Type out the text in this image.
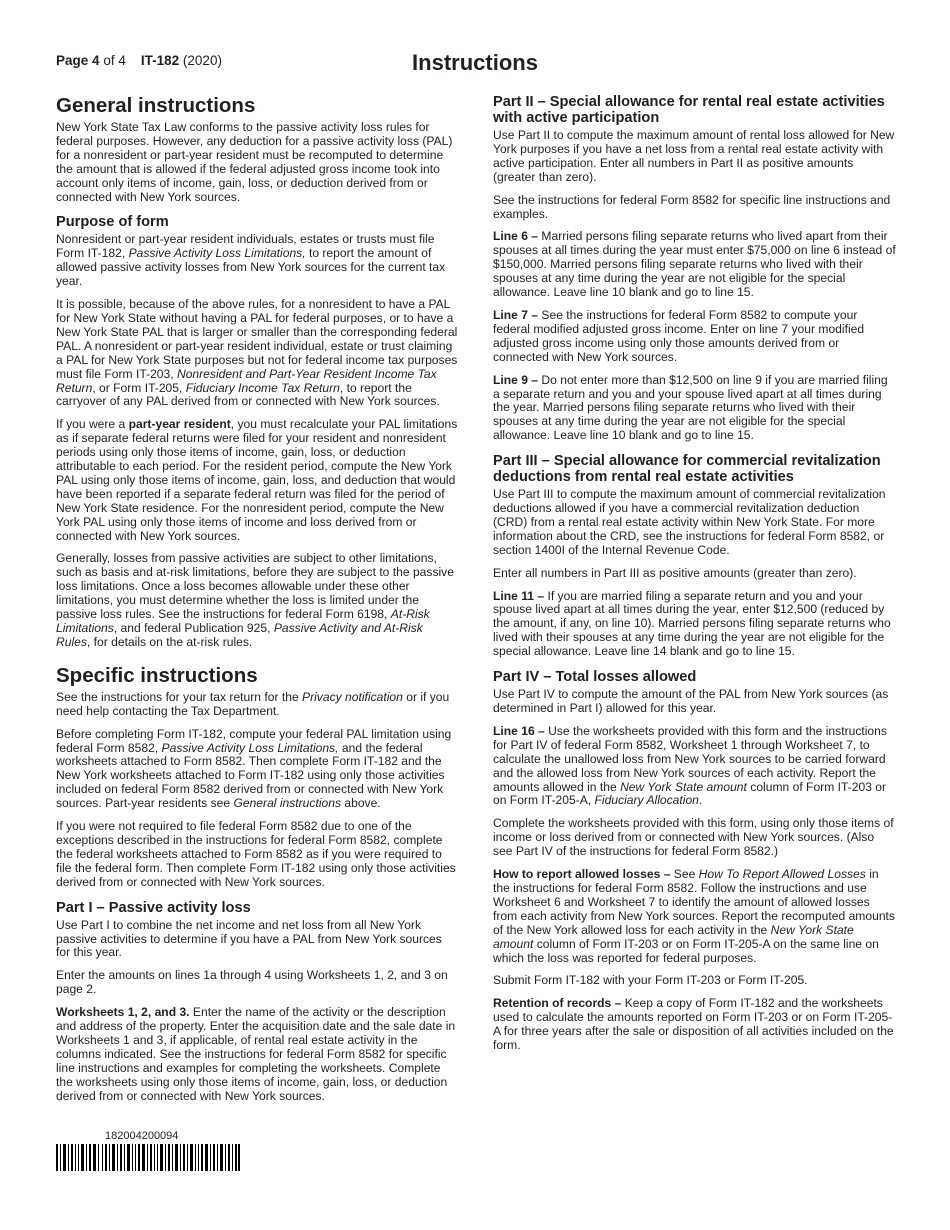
Page 4 of 4 IT-182 (2020)	Instructions
General instructions

New York State Tax Law conforms to the passive activity loss rules for federal purposes. However, any deduction for a passive activity loss (PAL) for a nonresident or part-year resident must be recomputed to determine the amount that is allowed if the federal adjusted gross income took into account only items of income, gain, loss, or deduction derived from or connected with New York sources.

Purpose of form

Nonresident or part-year resident individuals, estates or trusts must file Form IT-182, Passive Activity Loss Limitations, to report the amount of allowed passive activity losses from New York sources for the current tax year.

It is possible, because of the above rules, for a nonresident to have a PAL for New York State without having a PAL for federal purposes, or to have a New York State PAL that is larger or smaller than the corresponding federal PAL. A nonresident or part-year resident individual, estate or trust claiming a PAL for New York State purposes but not for federal income tax purposes must file Form IT-203, Nonresident and Part-Year Resident Income Tax Return, or Form IT-205, Fiduciary Income Tax Return, to report the carryover of any PAL derived from or connected with New York sources.

If you were a part-year resident, you must recalculate your PAL limitations as if separate federal returns were filed for your resident and nonresident periods using only those items of income, gain, loss, or deduction attributable to each period. For the resident period, compute the New York PAL using only those items of income, gain, loss, and deduction that would have been reported if a separate federal return was filed for the period of New York State residence. For the nonresident period, compute the New York PAL using only those items of income and loss derived from or connected with New York sources.

Generally, losses from passive activities are subject to other limitations, such as basis and at-risk limitations, before they are subject to the passive loss limitations. Once a loss becomes allowable under these other limitations, you must determine whether the loss is limited under the passive loss rules. See the instructions for federal Form 6198, At-Risk Limitations, and federal Publication 925, Passive Activity and At-Risk Rules, for details on the at-risk rules.

Specific instructions

See the instructions for your tax return for the Privacy notification or if you need help contacting the Tax Department.

Before completing Form IT-182, compute your federal PAL limitation using federal Form 8582, Passive Activity Loss Limitations, and the federal worksheets attached to Form 8582. Then complete Form IT-182 and the New York worksheets attached to Form IT-182 using only those activities included on federal Form 8582 derived from or connected with New York sources. Part-year residents see General instructions above.

If you were not required to file federal Form 8582 due to one of the exceptions described in the instructions for federal Form 8582, complete the federal worksheets attached to Form 8582 as if you were required to file the federal form. Then complete Form IT-182 using only those activities derived from or connected with New York sources.

Part I – Passive activity loss

Use Part I to combine the net income and net loss from all New York passive activities to determine if you have a PAL from New York sources for this year.

Enter the amounts on lines 1a through 4 using Worksheets 1, 2, and 3 on page 2.

Worksheets 1, 2, and 3. Enter the name of the activity or the description and address of the property. Enter the acquisition date and the sale date in Worksheets 1 and 3, if applicable, of rental real estate activity in the columns indicated. See the instructions for federal Form 8582 for specific line instructions and examples for completing the worksheets. Complete the worksheets using only those items of income, gain, loss, or deduction derived from or connected with New York sources.

Part II – Special allowance for rental real estate activities with active participation

Use Part II to compute the maximum amount of rental loss allowed for New York purposes if you have a net loss from a rental real estate activity with active participation. Enter all numbers in Part II as positive amounts (greater than zero).

See the instructions for federal Form 8582 for specific line instructions and examples.

Line 6 – Married persons filing separate returns who lived apart from their spouses at all times during the year must enter $75,000 on line 6 instead of $150,000. Married persons filing separate returns who lived with their spouses at any time during the year are not eligible for the special allowance. Leave line 10 blank and go to line 15.

Line 7 – See the instructions for federal Form 8582 to compute your federal modified adjusted gross income. Enter on line 7 your modified adjusted gross income using only those amounts derived from or connected with New York sources.

Line 9 – Do not enter more than $12,500 on line 9 if you are married filing a separate return and you and your spouse lived apart at all times during the year. Married persons filing separate returns who lived with their spouses at any time during the year are not eligible for the special allowance. Leave line 10 blank and go to line 15.

Part III – Special allowance for commercial revitalization deductions from rental real estate activities

Use Part III to compute the maximum amount of commercial revitalization deductions allowed if you have a commercial revitalization deduction (CRD) from a rental real estate activity within New York State. For more information about the CRD, see the instructions for federal Form 8582, or section 1400I of the Internal Revenue Code.

Enter all numbers in Part III as positive amounts (greater than zero).

Line 11 – If you are married filing a separate return and you and your spouse lived apart at all times during the year, enter $12,500 (reduced by the amount, if any, on line 10). Married persons filing separate returns who lived with their spouses at any time during the year are not eligible for the special allowance. Leave line 14 blank and go to line 15.

Part IV – Total losses allowed

Use Part IV to compute the amount of the PAL from New York sources (as determined in Part I) allowed for this year.

Line 16 – Use the worksheets provided with this form and the instructions for Part IV of federal Form 8582, Worksheet 1 through Worksheet 7, to calculate the unallowed loss from New York sources to be carried forward and the allowed loss from New York sources of each activity. Report the amounts allowed in the New York State amount column of Form IT-203 or on Form IT-205-A, Fiduciary Allocation.

Complete the worksheets provided with this form, using only those items of income or loss derived from or connected with New York sources. (Also see Part IV of the instructions for federal Form 8582.)

How to report allowed losses – See How To Report Allowed Losses in the instructions for federal Form 8582. Follow the instructions and use Worksheet 6 and Worksheet 7 to identify the amount of allowed losses from each activity from New York sources. Report the recomputed amounts of the New York allowed loss for each activity in the New York State amount column of Form IT-203 or on Form IT-205-A on the same line on which the loss was reported for federal purposes.

Submit Form IT-182 with your Form IT-203 or Form IT-205.

Retention of records – Keep a copy of Form IT-182 and the worksheets used to calculate the amounts reported on Form IT-203 or on Form IT-205-A for three years after the sale or disposition of all activities included on the form.

182004200094
